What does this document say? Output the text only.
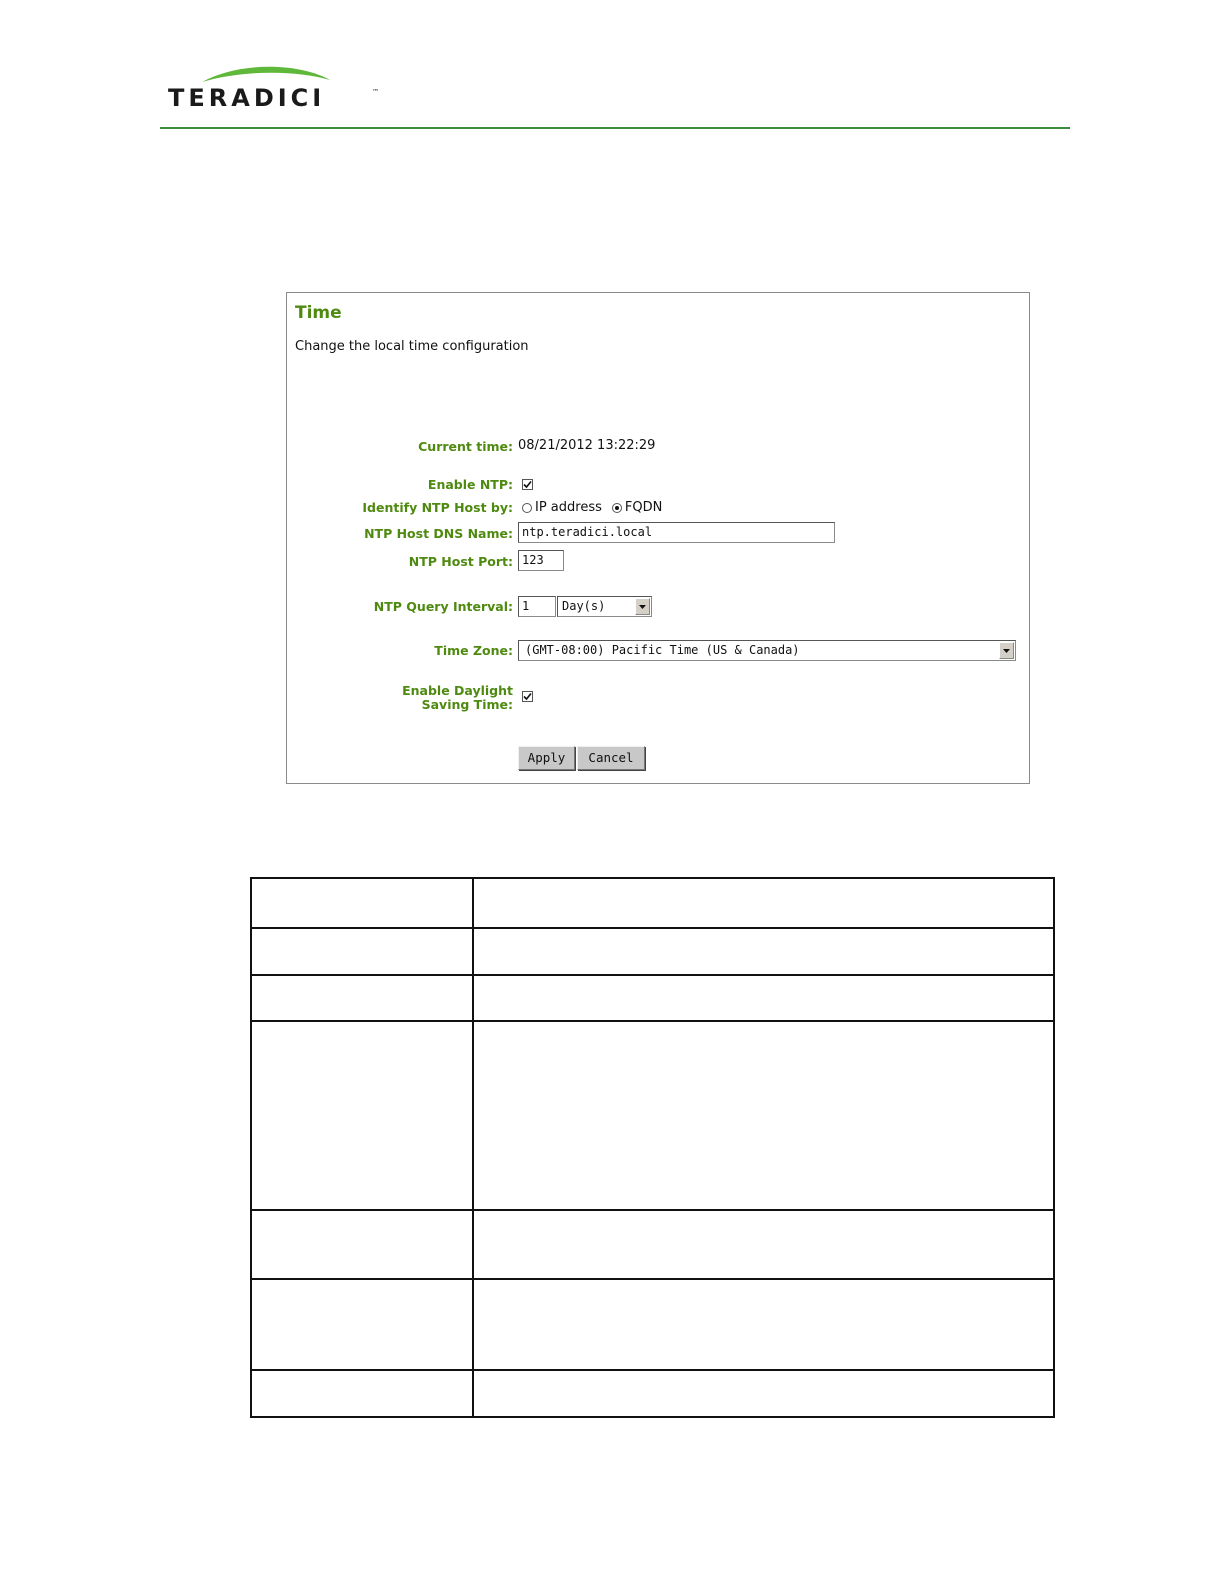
TERADICI	™
Time
Change the local time configuration
Current time: 08/21/2012 13:22:29
Enable NTP:
Identify NTP Host by: IP address FQDN
NTP Host DNS Name: ntp.teradici.local
NTP Host Port: 123
NTP Query Interval: 1	Day(s)
Time Zone:	(GMT-08:00) Pacific Time (US & Canada)
Enable Daylight
Saving Time:
Apply	Cancel
